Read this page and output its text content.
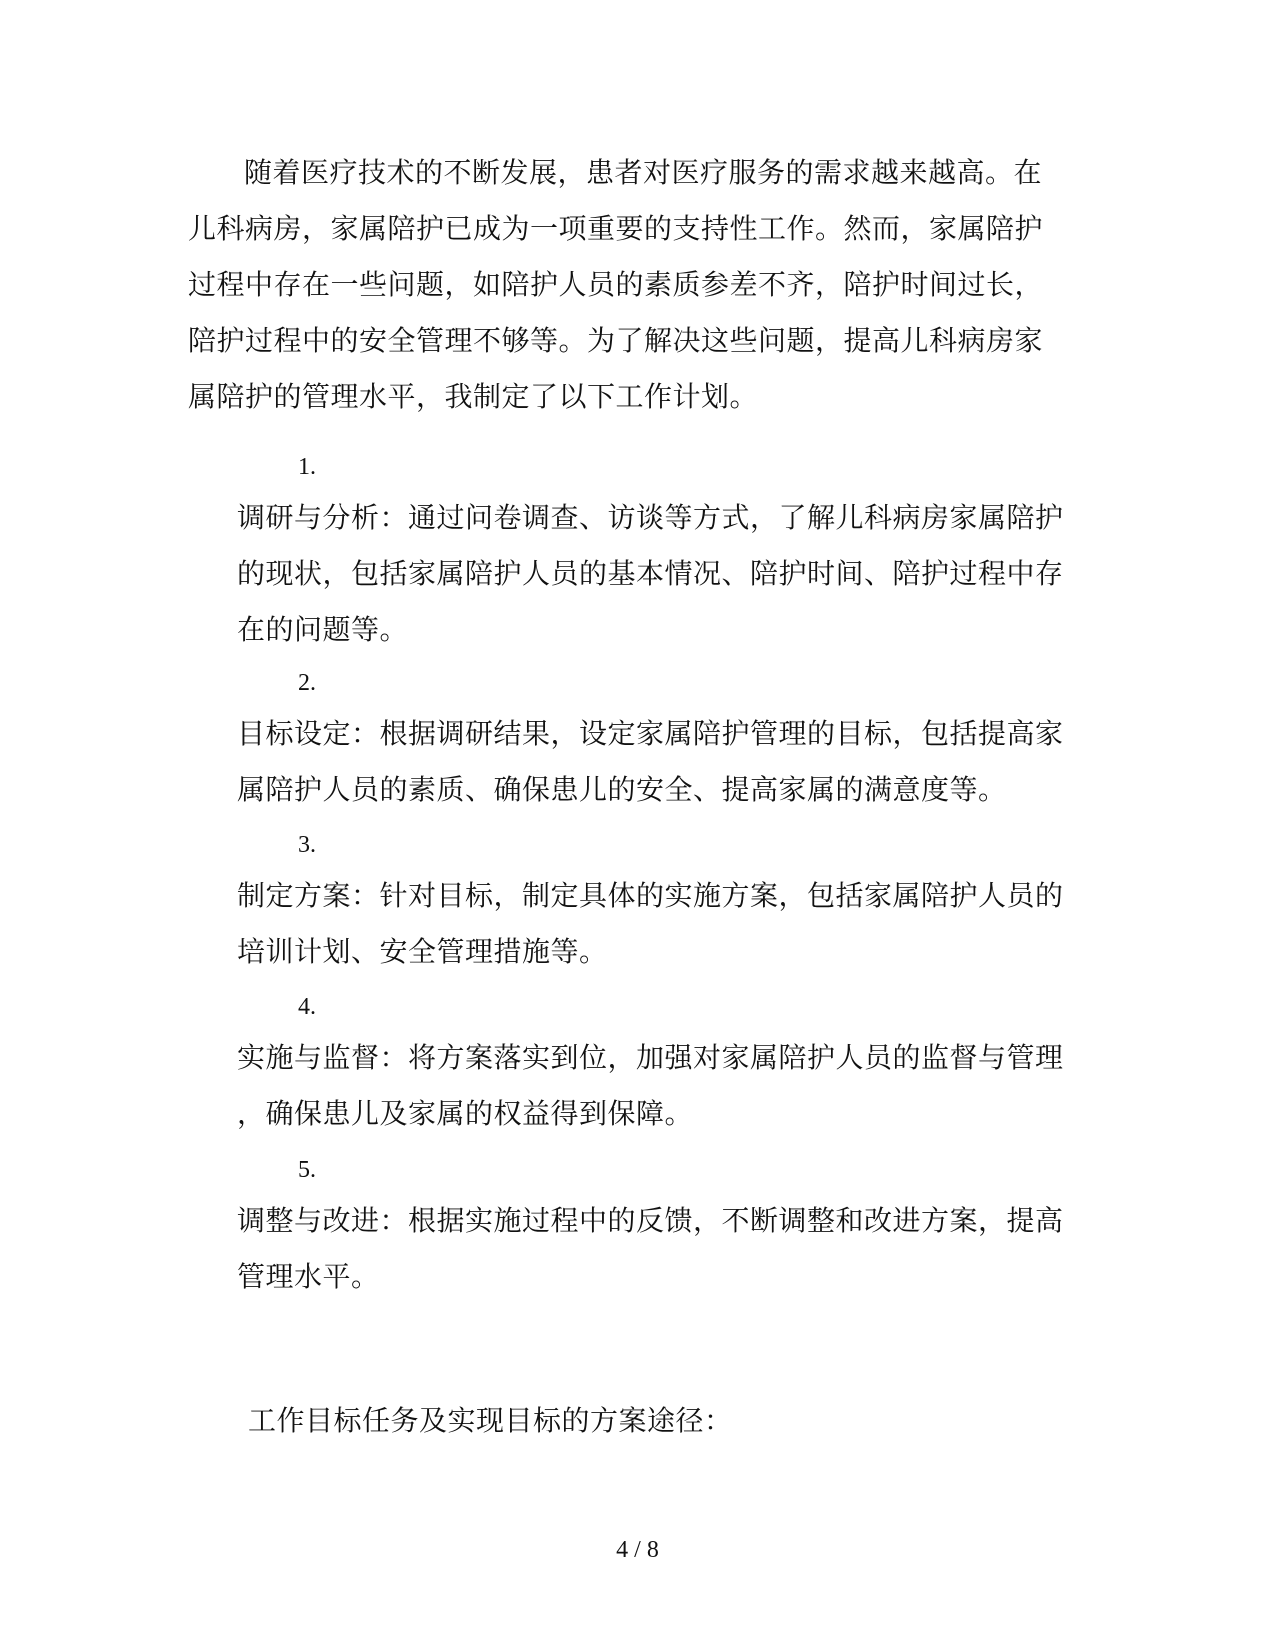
随着医疗技术的不断发展，患者对医疗服务的需求越来越高。在
儿科病房，家属陪护已成为一项重要的支持性工作。然而，家属陪护
过程中存在一些问题，如陪护人员的素质参差不齐，陪护时间过长，
陪护过程中的安全管理不够等。为了解决这些问题，提高儿科病房家
属陪护的管理水平，我制定了以下工作计划。

1.
调研与分析：通过问卷调查、访谈等方式，了解儿科病房家属陪护
的现状，包括家属陪护人员的基本情况、陪护时间、陪护过程中存
在的问题等。
2.
目标设定：根据调研结果，设定家属陪护管理的目标，包括提高家
属陪护人员的素质、确保患儿的安全、提高家属的满意度等。
3.
制定方案：针对目标，制定具体的实施方案，包括家属陪护人员的
培训计划、安全管理措施等。
4.
实施与监督：将方案落实到位，加强对家属陪护人员的监督与管理
，确保患儿及家属的权益得到保障。
5.
调整与改进：根据实施过程中的反馈，不断调整和改进方案，提高
管理水平。
工作目标任务及实现目标的方案途径：
4 / 8
